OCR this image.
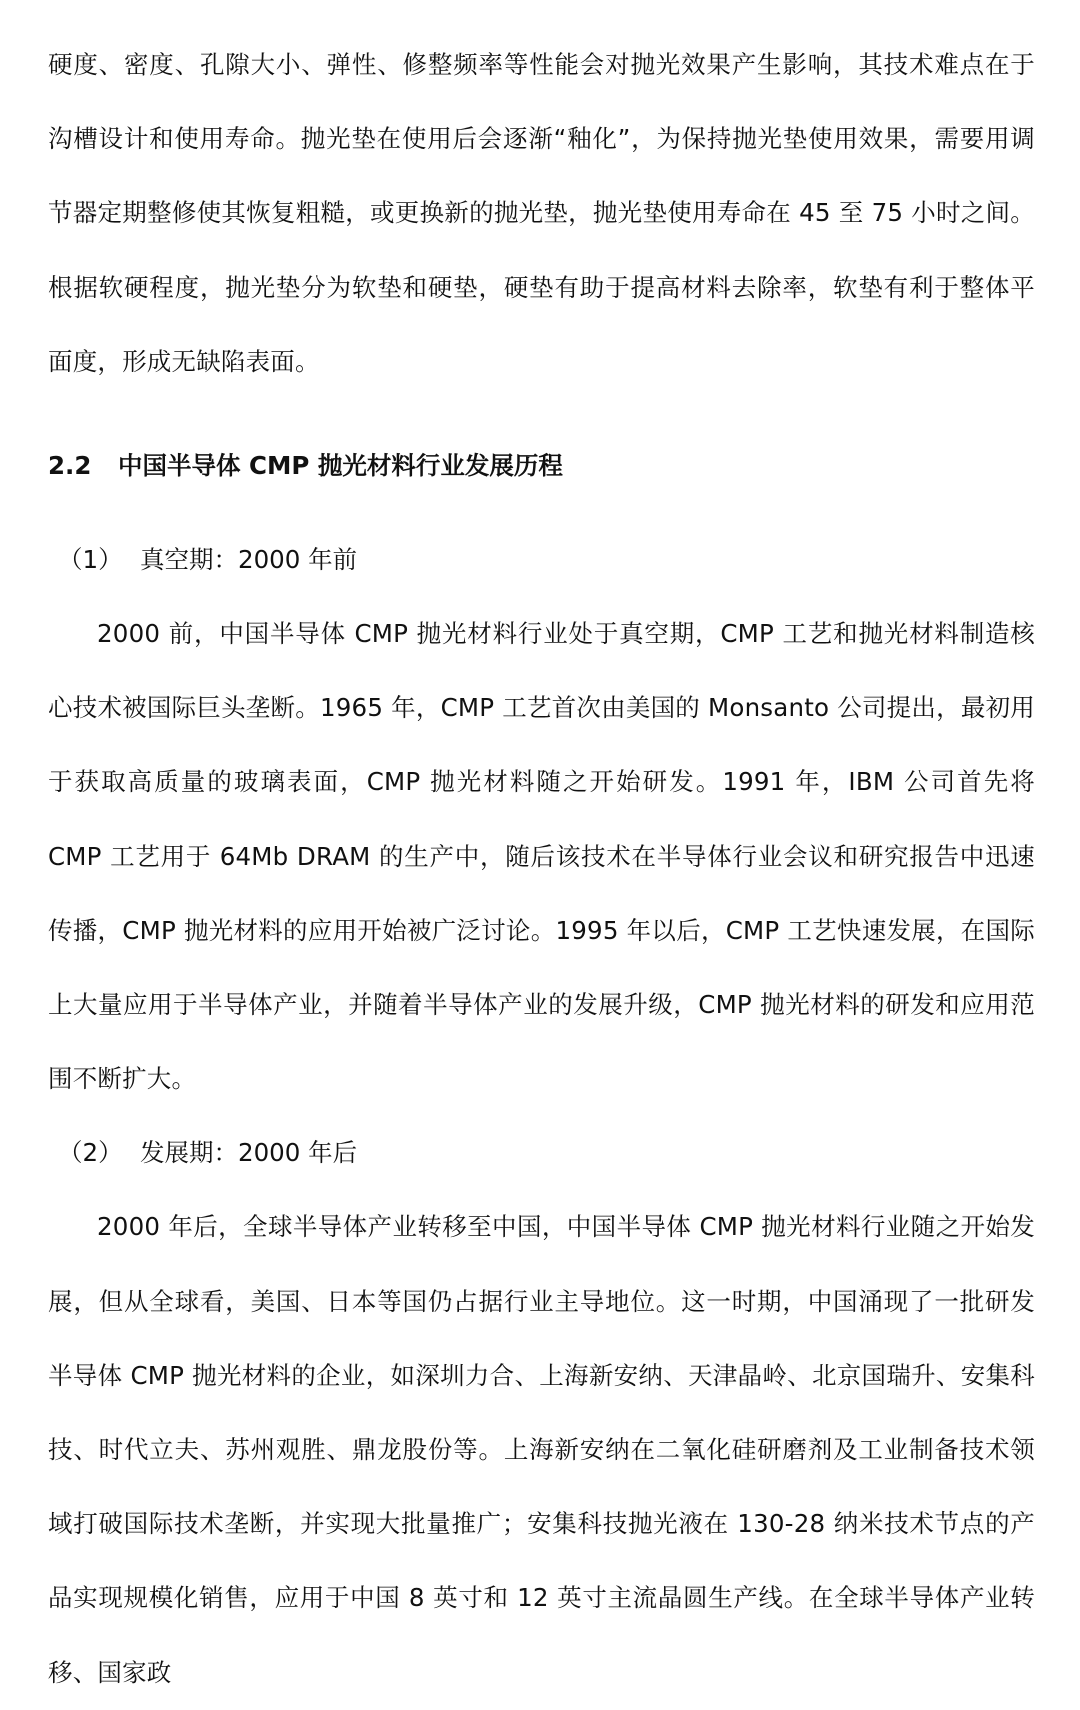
硬度、密度、孔隙大小、弹性、修整频率等性能会对抛光效果产生影响，其技术难点在于沟槽设计和使用寿命。抛光垫在使用后会逐渐“釉化”，为保持抛光垫使用效果，需要用调节器定期整修使其恢复粗糙，或更换新的抛光垫，抛光垫使用寿命在 45 至 75 小时之间。根据软硬程度，抛光垫分为软垫和硬垫，硬垫有助于提高材料去除率，软垫有利于整体平面度，形成无缺陷表面。

2.2 中国半导体 CMP 抛光材料行业发展历程

（1） 真空期：2000 年前

2000 前，中国半导体 CMP 抛光材料行业处于真空期，CMP 工艺和抛光材料制造核心技术被国际巨头垄断。1965 年，CMP 工艺首次由美国的 Monsanto 公司提出，最初用于获取高质量的玻璃表面，CMP 抛光材料随之开始研发。1991 年，IBM 公司首先将 CMP 工艺用于 64Mb DRAM 的生产中，随后该技术在半导体行业会议和研究报告中迅速传播，CMP 抛光材料的应用开始被广泛讨论。1995 年以后，CMP 工艺快速发展，在国际上大量应用于半导体产业，并随着半导体产业的发展升级，CMP 抛光材料的研发和应用范围不断扩大。

（2） 发展期：2000 年后

2000 年后，全球半导体产业转移至中国，中国半导体 CMP 抛光材料行业随之开始发展，但从全球看，美国、日本等国仍占据行业主导地位。这一时期，中国涌现了一批研发半导体 CMP 抛光材料的企业，如深圳力合、上海新安纳、天津晶岭、北京国瑞升、安集科技、时代立夫、苏州观胜、鼎龙股份等。上海新安纳在二氧化硅研磨剂及工业制备技术领域打破国际技术垄断，并实现大批量推广；安集科技抛光液在 130-28 纳米技术节点的产品实现规模化销售，应用于中国 8 英寸和 12 英寸主流晶圆生产线。在全球半导体产业转移、国家政
